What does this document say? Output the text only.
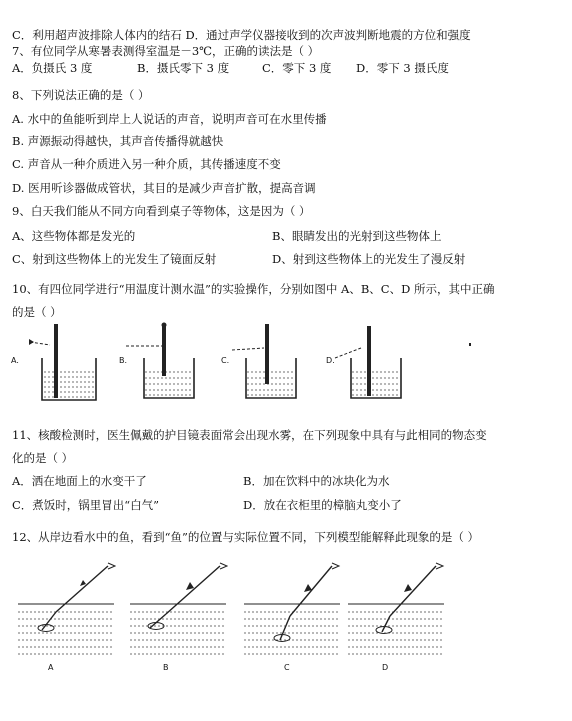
C．利用超声波排除人体内的结石 D．通过声学仪器接收到的次声波判断地震的方位和强度
7、有位同学从寒暑表测得室温是－3℃，正确的读法是（ ）
A．负摄氏 3 度	B．摄氏零下 3 度	C．零下 3 度 D．零下 3 摄氏度
8、下列说法正确的是（ ）
A. 水中的鱼能听到岸上人说话的声音，说明声音可在水里传播
B. 声源振动得越快，其声音传播得就越快
C. 声音从一种介质进入另一种介质，其传播速度不变
D. 医用听诊器做成管状，其目的是减少声音扩散，提高音调
9、白天我们能从不同方向看到桌子等物体，这是因为（ ）
A、这些物体都是发光的	B、眼睛发出的光射到这些物体上
C、射到这些物体上的光发生了镜面反射	D、射到这些物体上的光发生了漫反射
10、有四位同学进行“用温度计测水温”的实验操作，分别如图中 A、B、C、D 所示，其中正确
的是（ ）
A.	B.	C.	D.
11、核酸检测时，医生佩戴的护目镜表面常会出现水雾，在下列现象中具有与此相同的物态变
化的是（ ）
A．洒在地面上的水变干了	B．加在饮料中的冰块化为水
C．煮饭时，锅里冒出“白气”	D．放在衣柜里的樟脑丸变小了
12、从岸边看水中的鱼，看到“鱼”的位置与实际位置不同，下列模型能解释此现象的是（ ）
A	B	C	D
